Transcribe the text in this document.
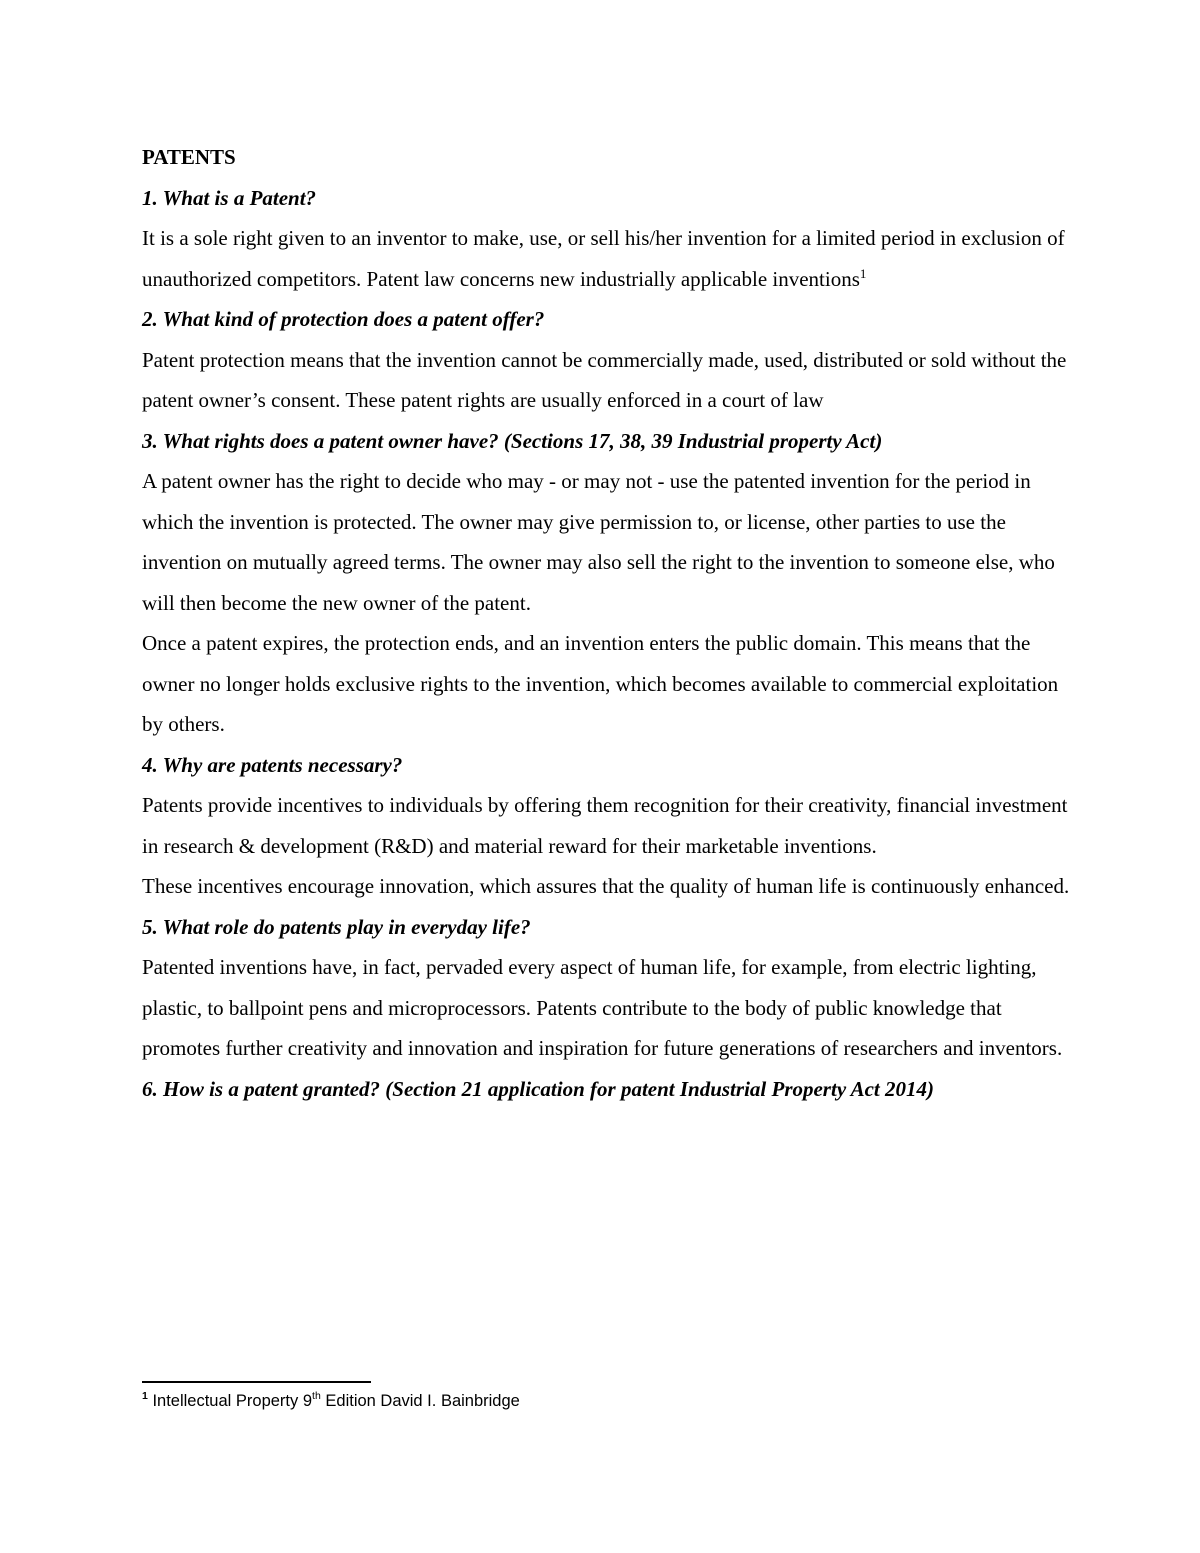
PATENTS

1. What is a Patent?

It is a sole right given to an inventor to make, use, or sell his/her invention for a limited period in exclusion of unauthorized competitors. Patent law concerns new industrially applicable inventions$^1$

2. What kind of protection does a patent offer?

Patent protection means that the invention cannot be commercially made, used, distributed or sold without the patent owner’s consent. These patent rights are usually enforced in a court of law

3. What rights does a patent owner have? (Sections 17, 38, 39 Industrial property Act)

A patent owner has the right to decide who may - or may not - use the patented invention for the period in which the invention is protected. The owner may give permission to, or license, other parties to use the invention on mutually agreed terms. The owner may also sell the right to the invention to someone else, who will then become the new owner of the patent.

Once a patent expires, the protection ends, and an invention enters the public domain. This means that the owner no longer holds exclusive rights to the invention, which becomes available to commercial exploitation by others.

4. Why are patents necessary?

Patents provide incentives to individuals by offering them recognition for their creativity, financial investment in research & development (R&D) and material reward for their marketable inventions.

These incentives encourage innovation, which assures that the quality of human life is continuously enhanced.

5. What role do patents play in everyday life?

Patented inventions have, in fact, pervaded every aspect of human life, for example, from electric lighting, plastic, to ballpoint pens and microprocessors. Patents contribute to the body of public knowledge that promotes further creativity and innovation and inspiration for future generations of researchers and inventors.

6. How is a patent granted? (Section 21 application for patent Industrial Property Act 2014)

$^1$ Intellectual Property 9th Edition David I. Bainbridge
